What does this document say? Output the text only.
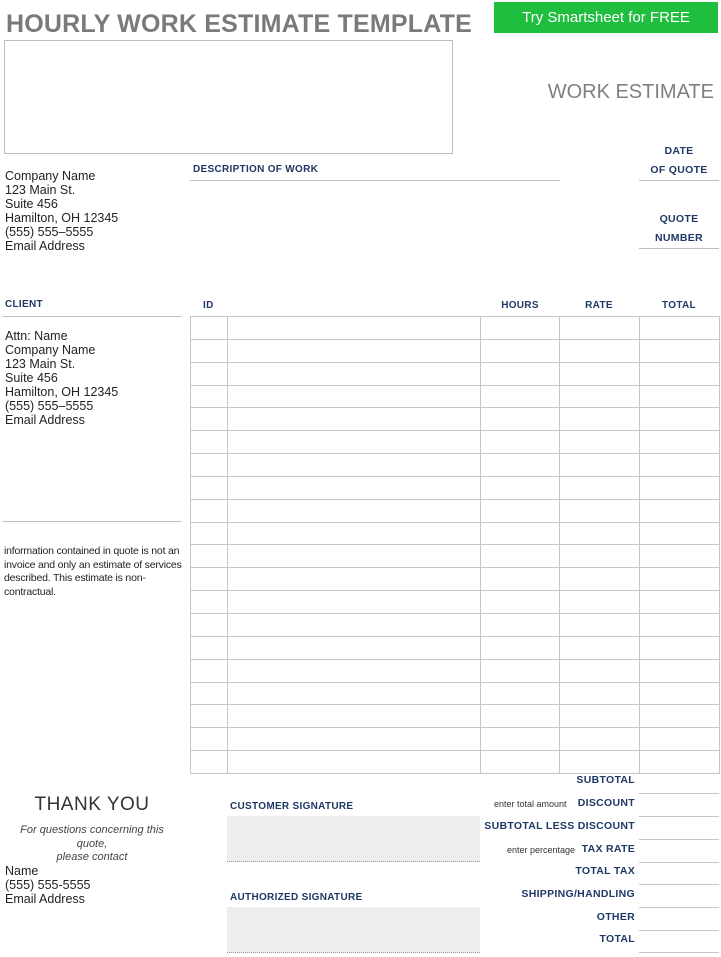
HOURLY WORK ESTIMATE TEMPLATE	Try Smartsheet for FREE
WORK ESTIMATE
Company Name
123 Main St.
Suite 456
Hamilton, OH 12345
(555) 555–5555
Email Address
DESCRIPTION OF WORK
DATE
OF QUOTE
QUOTE
NUMBER
CLIENT
Attn: Name
Company Name
123 Main St.
Suite 456
Hamilton, OH 12345
(555) 555–5555
Email Address
information contained in quote is not an invoice and only an estimate of services described. This estimate is non-contractual.
ID	HOURS	RATE	TOTAL

THANK YOU
For questions concerning this quote,
please contact
Name
(555) 555-5555
Email Address
CUSTOMER SIGNATURE
AUTHORIZED SIGNATURE
SUBTOTAL
enter total amount DISCOUNT
SUBTOTAL LESS DISCOUNT
enter percentage TAX RATE
TOTAL TAX
SHIPPING/HANDLING
OTHER
TOTAL
